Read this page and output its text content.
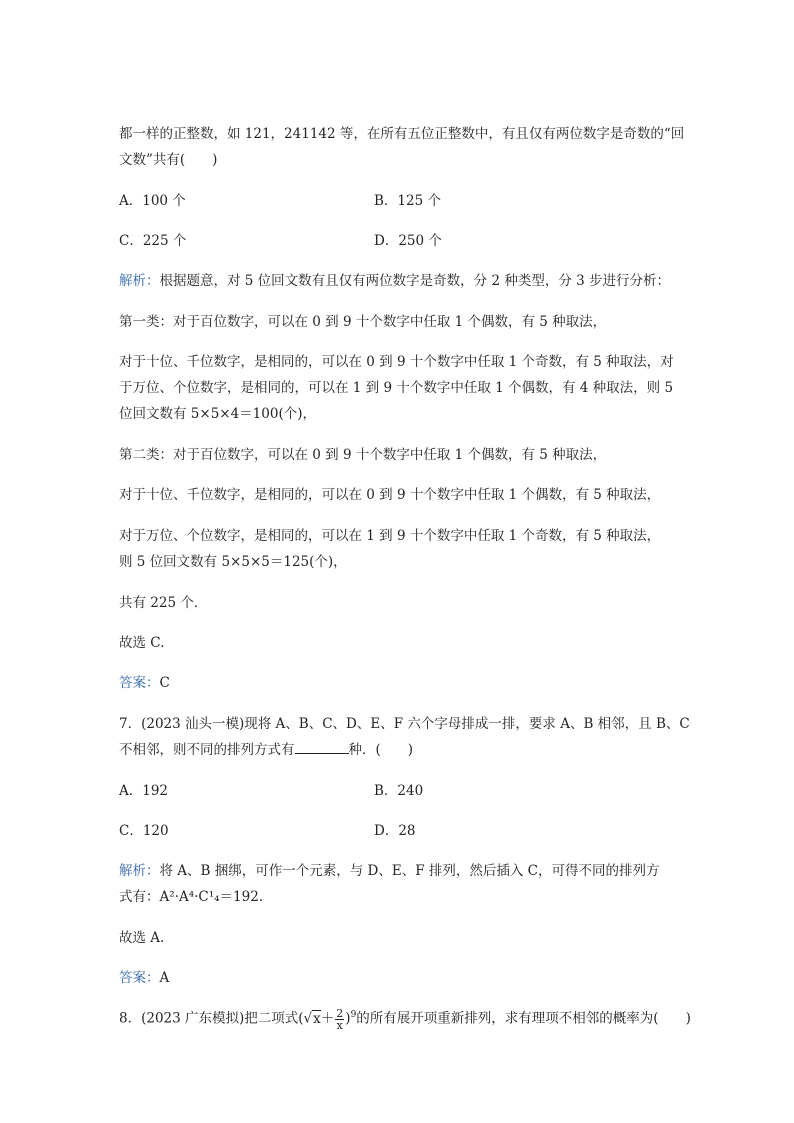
都一样的正整数，如 121，241142 等，在所有五位正整数中，有且仅有两位数字是奇数的“回
文数”共有(　　)
A．100 个	B．125 个
C．225 个	D．250 个
解析：根据题意，对 5 位回文数有且仅有两位数字是奇数，分 2 种类型，分 3 步进行分析：
第一类：对于百位数字，可以在 0 到 9 十个数字中任取 1 个偶数，有 5 种取法，
对于十位、千位数字，是相同的，可以在 0 到 9 十个数字中任取 1 个奇数，有 5 种取法，对
于万位、个位数字，是相同的，可以在 1 到 9 十个数字中任取 1 个偶数，有 4 种取法，则 5
位回文数有 5×5×4＝100(个)，
第二类：对于百位数字，可以在 0 到 9 十个数字中任取 1 个偶数，有 5 种取法，
对于十位、千位数字，是相同的，可以在 0 到 9 十个数字中任取 1 个偶数，有 5 种取法，
对于万位、个位数字，是相同的，可以在 1 到 9 十个数字中任取 1 个奇数，有 5 种取法，
则 5 位回文数有 5×5×5＝125(个)，
共有 225 个．
故选 C.
答案：C
7．(2023 汕头一模)现将 A、B、C、D、E、F 六个字母排成一排，要求 A、B 相邻，且 B、C
不相邻，则不同的排列方式有	种．(　　)
A．192	B．240
C．120	D．28
解析：将 A、B 捆绑，可作一个元素，与 D、E、F 排列，然后插入 C，可得不同的排列方
式有：A²·A⁴·C¹₄＝192.
故选 A.
答案：A
8．(2023 广东模拟)把二项式$(√x+ \frac{2}{x} )^9$的所有展开项重新排列，求有理项不相邻的概率为(　　)
